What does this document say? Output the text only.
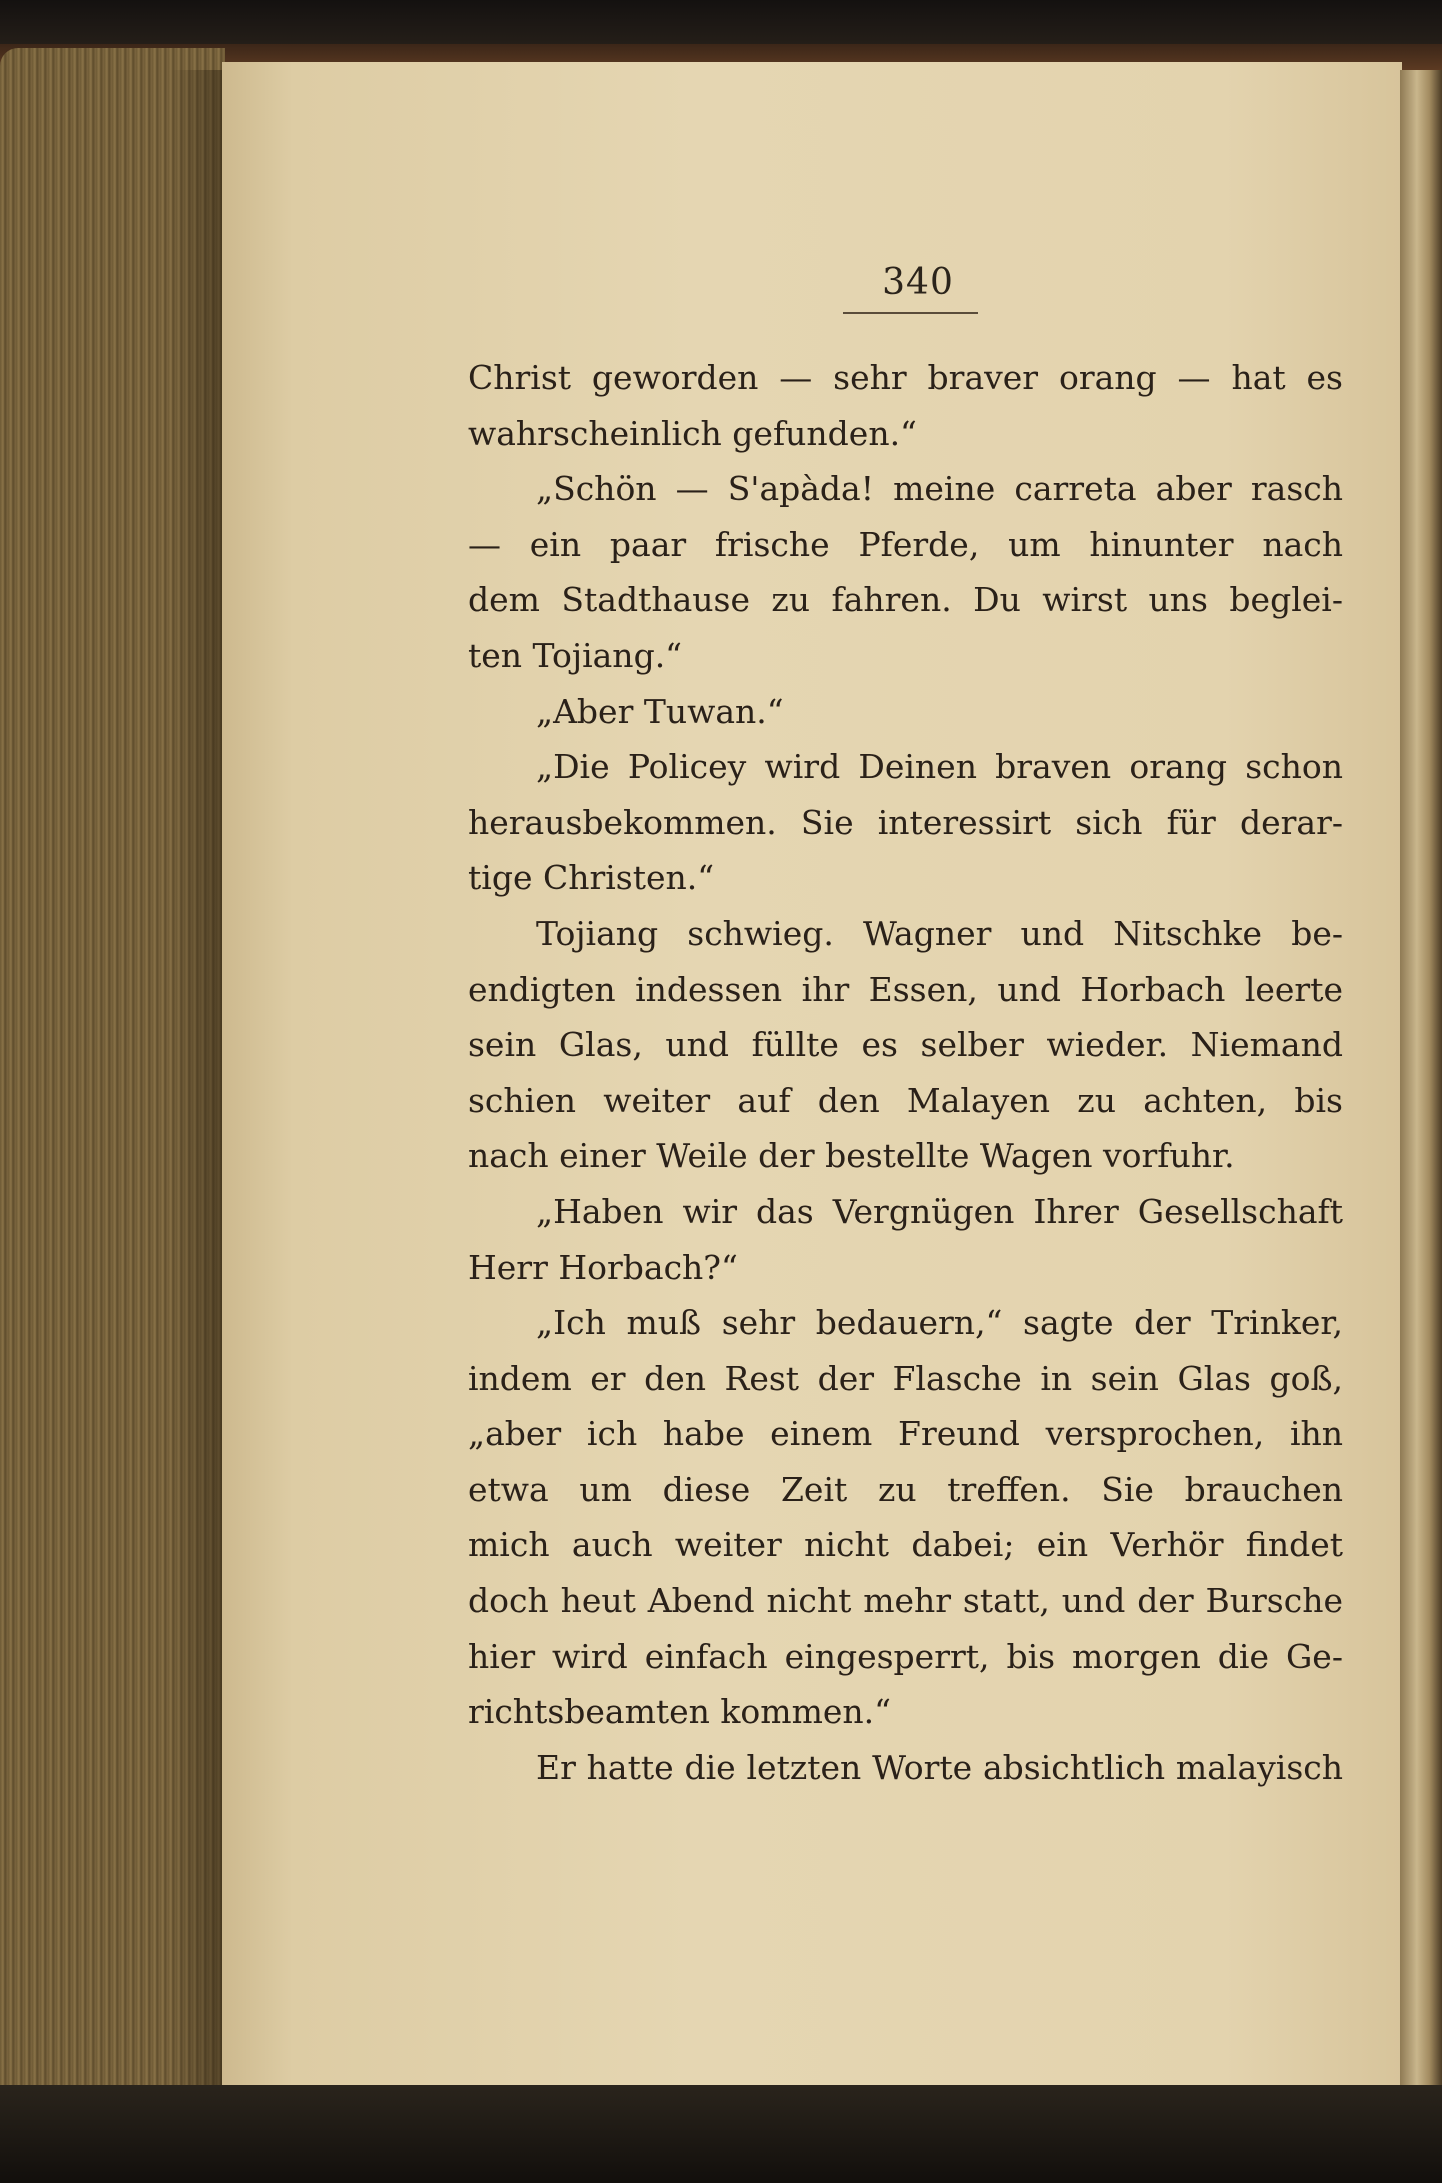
340
Christ geworden — sehr braver orang — hat es
wahrscheinlich gefunden.“
„Schön — S'apàda! meine carreta aber rasch
— ein paar frische Pferde, um hinunter nach
dem Stadthause zu fahren. Du wirst uns beglei-
ten Tojiang.“
„Aber Tuwan.“
„Die Policey wird Deinen braven orang schon
herausbekommen. Sie interessirt sich für derar-
tige Christen.“
Tojiang schwieg. Wagner und Nitschke be-
endigten indessen ihr Essen, und Horbach leerte
sein Glas, und füllte es selber wieder. Niemand
schien weiter auf den Malayen zu achten, bis
nach einer Weile der bestellte Wagen vorfuhr.
„Haben wir das Vergnügen Ihrer Gesellschaft
Herr Horbach?“
„Ich muß sehr bedauern,“ sagte der Trinker,
indem er den Rest der Flasche in sein Glas goß,
„aber ich habe einem Freund versprochen, ihn
etwa um diese Zeit zu treffen. Sie brauchen
mich auch weiter nicht dabei; ein Verhör findet
doch heut Abend nicht mehr statt, und der Bursche
hier wird einfach eingesperrt, bis morgen die Ge-
richtsbeamten kommen.“
Er hatte die letzten Worte absichtlich malayisch
